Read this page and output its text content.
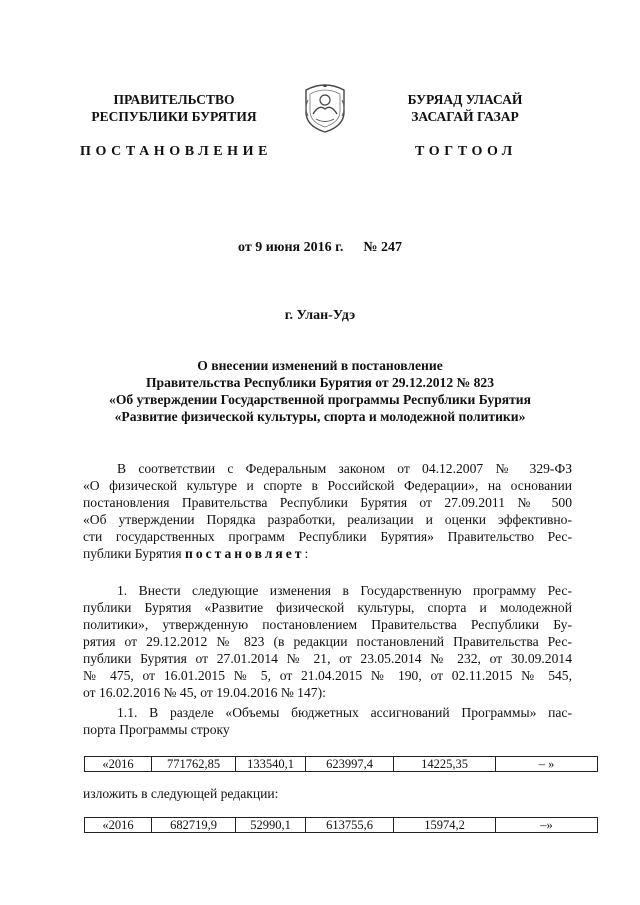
ПРАВИТЕЛЬСТВО
РЕСПУБЛИКИ БУРЯТИЯ
БУРЯАД УЛАСАЙ
ЗАСАГАЙ ГАЗАР
ПОСТАНОВЛЕНИЕ	ТОГТООЛ
от 9 июня 2016 г. № 247
г. Улан-Удэ
О внесении изменений в постановление
Правительства Республики Бурятия от 29.12.2012 № 823
«Об утверждении Государственной программы Республики Бурятия
«Развитие физической культуры, спорта и молодежной политики»
В соответствии с Федеральным законом от 04.12.2007 № 329-ФЗ
«О физической культуре и спорте в Российской Федерации», на основании
постановления Правительства Республики Бурятия от 27.09.2011 № 500
«Об утверждении Порядка разработки, реализации и оценки эффективно-
сти государственных программ Республики Бурятия» Правительство Рес-
публики Бурятия постановляет:
1. Внести следующие изменения в Государственную программу Рес-
публики Бурятия «Развитие физической культуры, спорта и молодежной
политики», утвержденную постановлением Правительства Республики Бу-
рятия от 29.12.2012 № 823 (в редакции постановлений Правительства Рес-
публики Бурятия от 27.01.2014 № 21, от 23.05.2014 № 232, от 30.09.2014
№ 475, от 16.01.2015 № 5, от 21.04.2015 № 190, от 02.11.2015 № 545,
от 16.02.2016 № 45, от 19.04.2016 № 147):
1.1. В разделе «Объемы бюджетных ассигнований Программы» пас-
порта Программы строку
«2016	771762,85	133540,1	623997,4	14225,35	– »
изложить в следующей редакции:
«2016	682719,9	52990,1	613755,6	15974,2	–»
